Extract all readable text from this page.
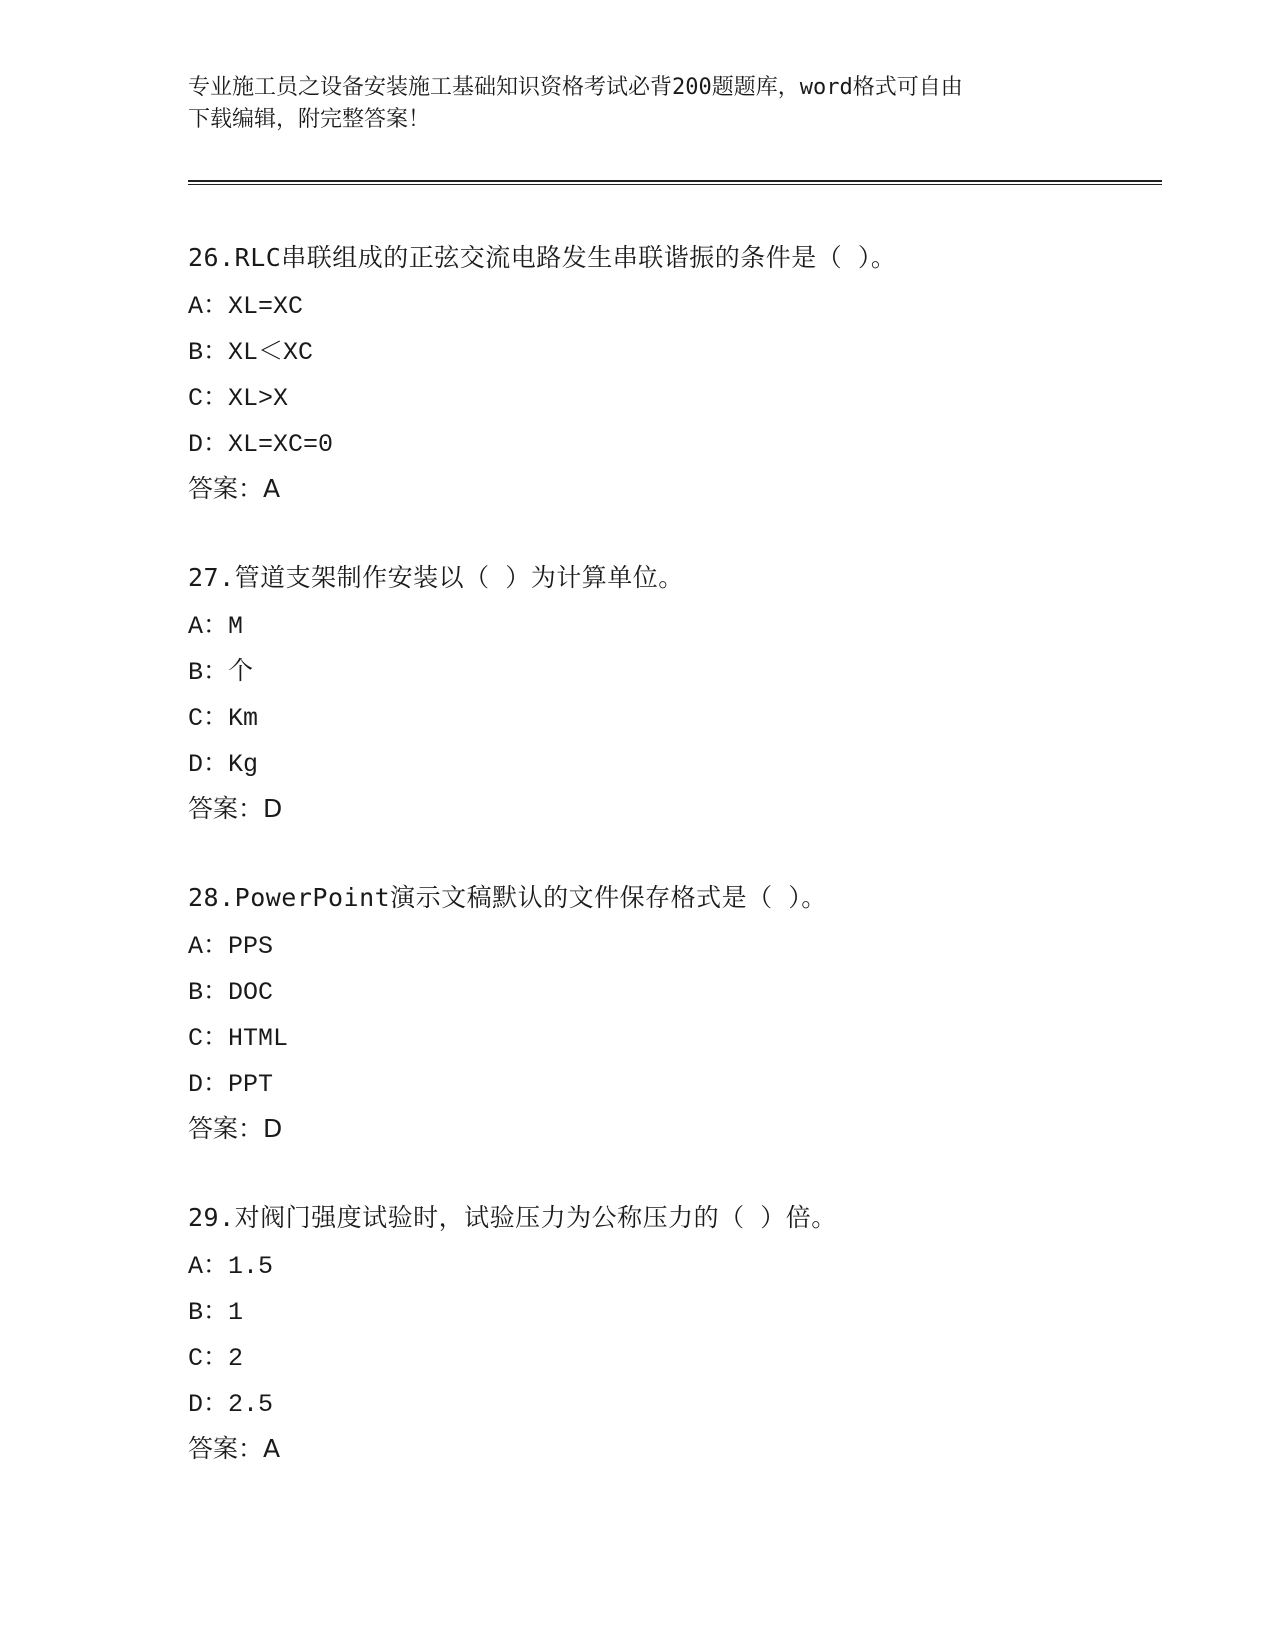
专业施工员之设备安装施工基础知识资格考试必背200题题库，word格式可自由
下载编辑，附完整答案！
26.RLC串联组成的正弦交流电路发生串联谐振的条件是（ ）。
A：XL=XC
B：XL＜XC
C：XL>X
D：XL=XC=0
答案：A
27.管道支架制作安装以（ ）为计算单位。
A：M
B：个
C：Km
D：Kg
答案：D
28.PowerPoint演示文稿默认的文件保存格式是（ ）。
A：PPS
B：DOC
C：HTML
D：PPT
答案：D
29.对阀门强度试验时，试验压力为公称压力的（ ）倍。
A：1.5
B：1
C：2
D：2.5
答案：A
